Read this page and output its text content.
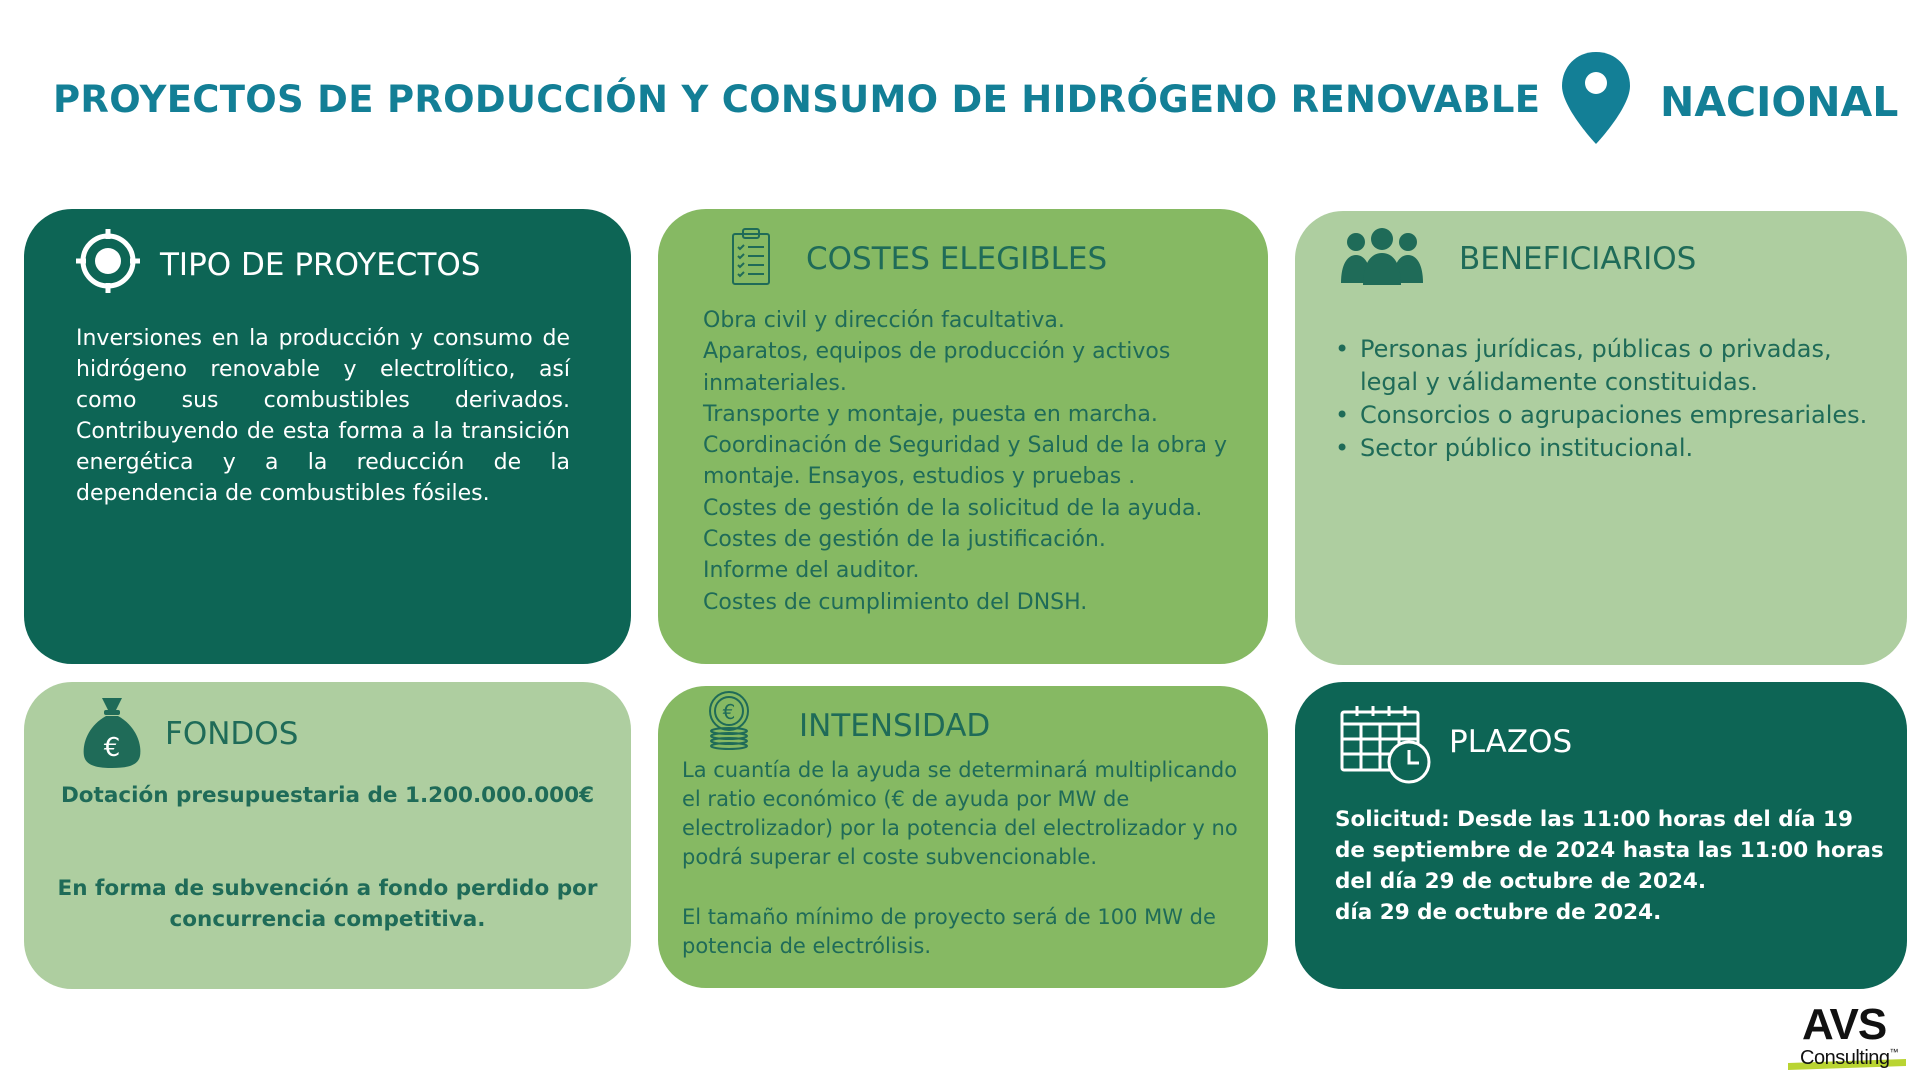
PROYECTOS DE PRODUCCIÓN Y CONSUMO DE HIDRÓGENO RENOVABLE	NACIONAL
TIPO DE PROYECTOS
Inversiones en la producción y consumo de hidrógeno renovable y electrolítico, así como sus combustibles derivados. Contribuyendo de esta forma a la transición energética y a la reducción de la dependencia de combustibles fósiles.
COSTES ELEGIBLES
Obra civil y dirección facultativa.
Aparatos, equipos de producción y activos inmateriales.
Transporte y montaje, puesta en marcha.
Coordinación de Seguridad y Salud de la obra y montaje. Ensayos, estudios y pruebas .
Costes de gestión de la solicitud de la ayuda.
Costes de gestión de la justificación.
Informe del auditor.
Costes de cumplimiento del DNSH.
BENEFICIARIOS
• Personas jurídicas, públicas o privadas, legal y válidamente constituidas.
• Consorcios o agrupaciones empresariales.
• Sector público institucional.
€ FONDOS
Dotación presupuestaria de 1.200.000.000€
En forma de subvención a fondo perdido por concurrencia competitiva.
€ INTENSIDAD
La cuantía de la ayuda se determinará multiplicando el ratio económico (€ de ayuda por MW de electrolizador) por la potencia del electrolizador y no podrá superar el coste subvencionable.
El tamaño mínimo de proyecto será de 100 MW de potencia de electrólisis.
PLAZOS
Solicitud: Desde las 11:00 horas del día 19 de septiembre de 2024 hasta las 11:00 horas del día 29 de octubre de 2024.
día 29 de octubre de 2024.
AVS
Consulting™
